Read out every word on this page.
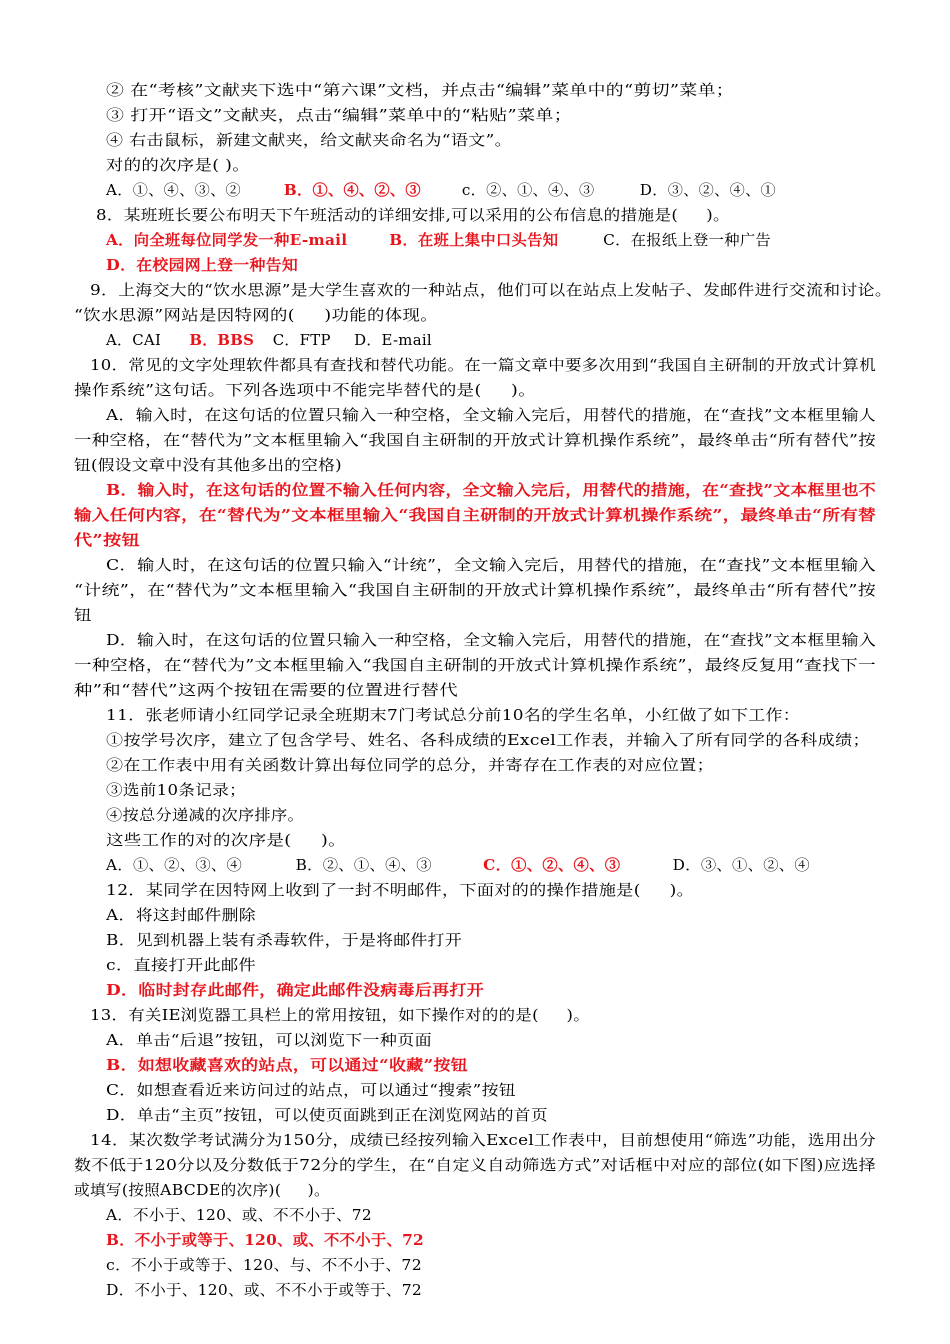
② 在“考核”文献夹下选中“第六课”文档，并点击“编辑”菜单中的“剪切”菜单；
③ 打开“语文”文献夹，点击“编辑”菜单中的“粘贴”菜单；
④ 右击鼠标，新建文献夹，给文献夹命名为“语文”。
对的的次序是( )。
A．①、④、③、②	B．①、④、②、③	c．②、①、④、③	D．③、②、④、①
8．某班班长要公布明天下午班活动的详细安排,可以采用的公布信息的措施是(     )。
A．向全班每位同学发一种E-mail	B．在班上集中口头告知	C．在报纸上登一种广告
D．在校园网上登一种告知
9．上海交大的“饮水思源”是大学生喜欢的一种站点，他们可以在站点上发帖子、发邮件进行交流和讨论。
“饮水思源”网站是因特网的(     )功能的体现。
A．CAI B．BBS C．FTP D．E-mail
10．常见的文字处理软件都具有查找和替代功能。在一篇文章中要多次用到“我国自主研制的开放式计算机
操作系统”这句话。下列各选项中不能完毕替代的是(     )。
A．输入时，在这句话的位置只输入一种空格，全文输入完后，用替代的措施，在“查找”文本框里输人
一种空格，在“替代为”文本框里输入“我国自主研制的开放式计算机操作系统”，最终单击“所有替代”按
钮(假设文章中没有其他多出的空格)
B．输入时，在这句话的位置不输入任何内容，全文输入完后，用替代的措施，在“查找”文本框里也不
输入任何内容，在“替代为”文本框里输入“我国自主研制的开放式计算机操作系统”，最终单击“所有替
代”按钮
C．输人时，在这句话的位置只输入“计统”，全文输入完后，用替代的措施，在“查找”文本框里输入
“计统”，在“替代为”文本框里输入“我国自主研制的开放式计算机操作系统”，最终单击“所有替代”按
钮
D．输入时，在这句话的位置只输入一种空格，全文输入完后，用替代的措施，在“查找”文本框里输入
一种空格，在“替代为”文本框里输入“我国自主研制的开放式计算机操作系统”，最终反复用“查找下一
种”和“替代”这两个按钮在需要的位置进行替代
11．张老师请小红同学记录全班期末7门考试总分前10名的学生名单，小红做了如下工作：
①按学号次序，建立了包含学号、姓名、各科成绩的Excel工作表，并输入了所有同学的各科成绩；
②在工作表中用有关函数计算出每位同学的总分，并寄存在工作表的对应位置；
③选前10条记录；
④按总分递减的次序排序。
这些工作的对的次序是(     )。
A．①、②、③、④	B．②、①、④、③	C．①、②、④、③	D．③、①、②、④
12．某同学在因特网上收到了一封不明邮件，下面对的的操作措施是(     )。
A．将这封邮件删除
B．见到机器上装有杀毒软件，于是将邮件打开
c．直接打开此邮件
D．临时封存此邮件，确定此邮件没病毒后再打开
13．有关IE浏览器工具栏上的常用按钮，如下操作对的的是(     )。
A．单击“后退”按钮，可以浏览下一种页面
B．如想收藏喜欢的站点，可以通过“收藏”按钮
C．如想查看近来访问过的站点，可以通过“搜索”按钮
D．单击“主页”按钮，可以使页面跳到正在浏览网站的首页
14．某次数学考试满分为150分，成绩已经按列输入Excel工作表中，目前想使用“筛选”功能，选用出分
数不低于120分以及分数低于72分的学生，在“自定义自动筛选方式”对话框中对应的部位(如下图)应选择
或填写(按照ABCDE的次序)(     )。
A．不小于、120、或、不不小于、72
B．不小于或等于、120、或、不不小于、72
c．不小于或等于、120、与、不不小于、72
D．不小于、120、或、不不小于或等于、72
